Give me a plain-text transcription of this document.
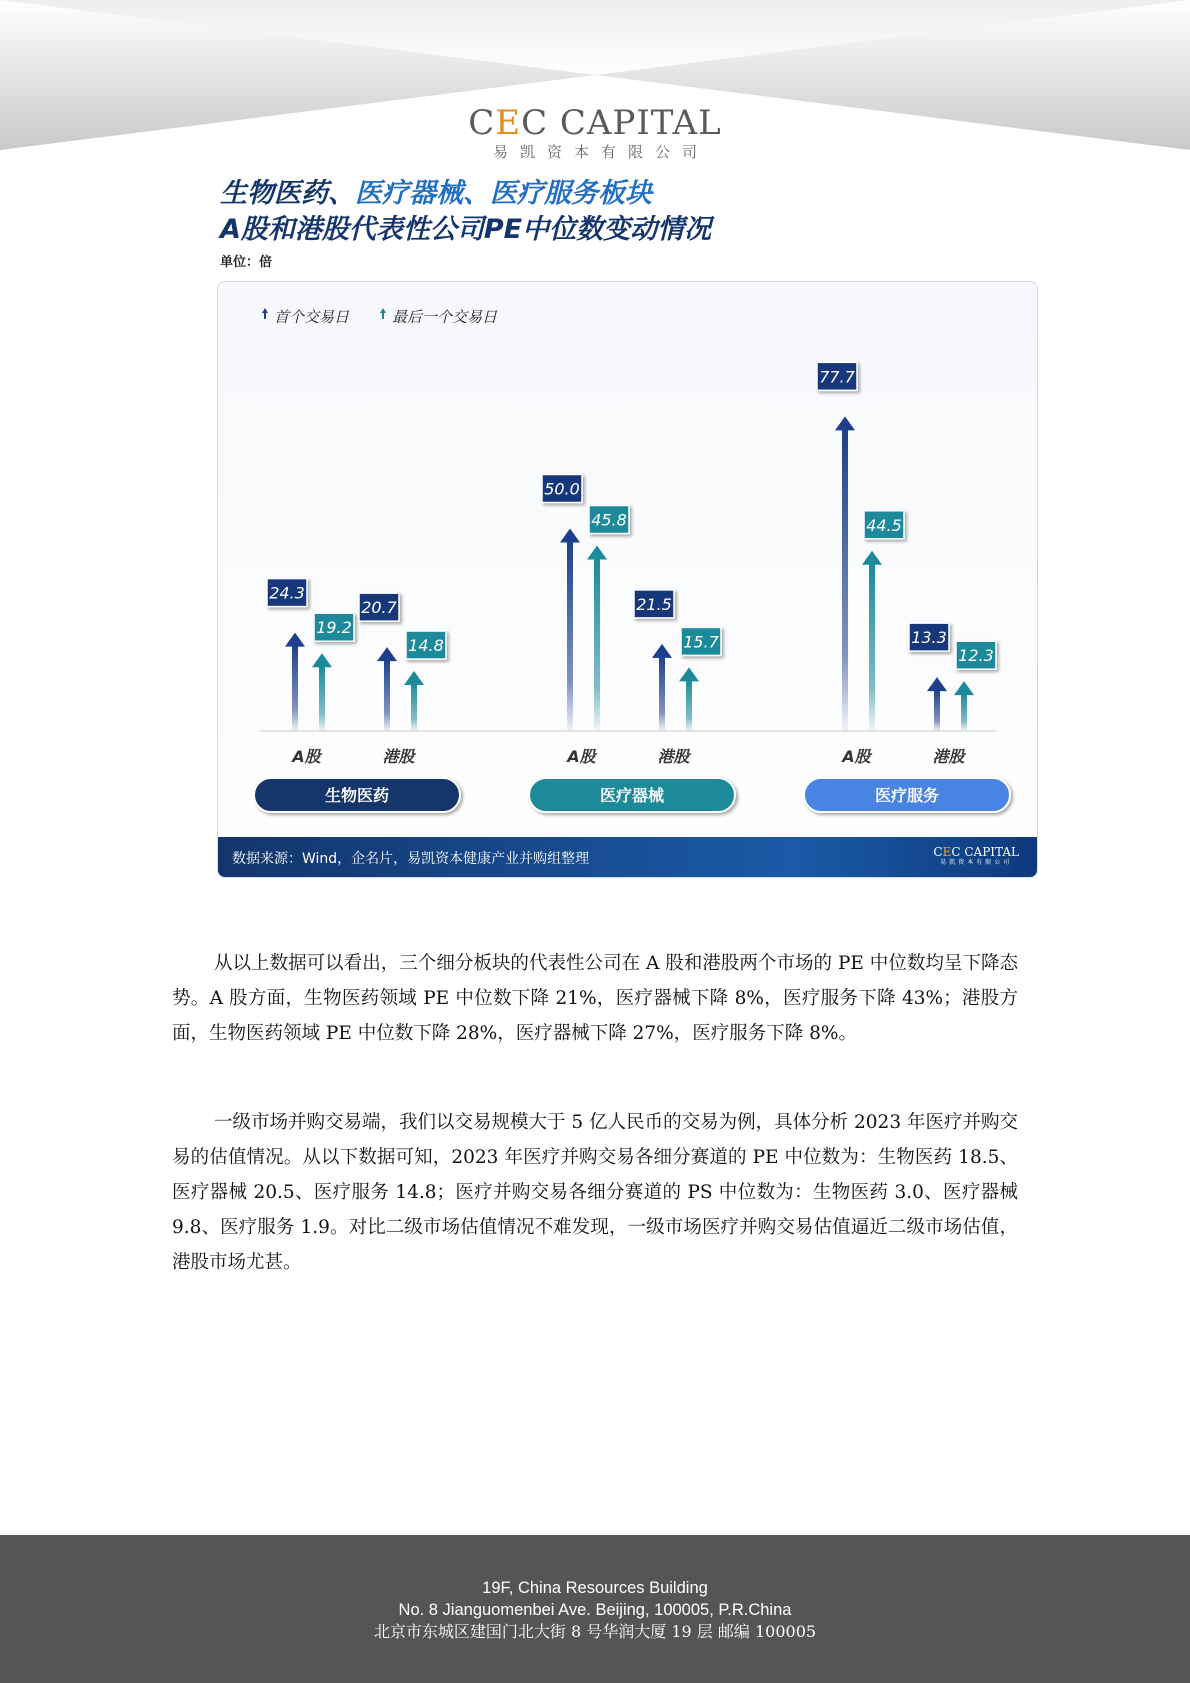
CEC CAPITAL
易凯资本有限公司
生物医药、医疗器械、医疗服务板块
A股和港股代表性公司PE中位数变动情况
单位：倍
首个交易日	最后一个交易日
24.3
19.2
A股
20.7
14.8
港股
生物医药
50.0
45.8
A股
21.5
15.7
港股
医疗器械
77.7
44.5
A股
13.3
12.3
港股
医疗服务
数据来源：Wind，企名片，易凯资本健康产业并购组整理	CEC CAPITAL
易凯资本有限公司

从以上数据可以看出，三个细分板块的代表性公司在 A 股和港股两个市场的 PE 中位数均呈下降态势。A 股方面，生物医药领域 PE 中位数下降 21%，医疗器械下降 8%，医疗服务下降 43%；港股方面，生物医药领域 PE 中位数下降 28%，医疗器械下降 27%，医疗服务下降 8%。

一级市场并购交易端，我们以交易规模大于 5 亿人民币的交易为例，具体分析 2023 年医疗并购交易的估值情况。从以下数据可知，2023 年医疗并购交易各细分赛道的 PE 中位数为：生物医药 18.5、医疗器械 20.5、医疗服务 14.8；医疗并购交易各细分赛道的 PS 中位数为：生物医药 3.0、医疗器械 9.8、医疗服务 1.9。对比二级市场估值情况不难发现，一级市场医疗并购交易估值逼近二级市场估值，港股市场尤甚。

19F, China Resources Building
No. 8 Jianguomenbei Ave. Beijing, 100005, P.R.China
北京市东城区建国门北大街 8 号华润大厦 19 层 邮编 100005
